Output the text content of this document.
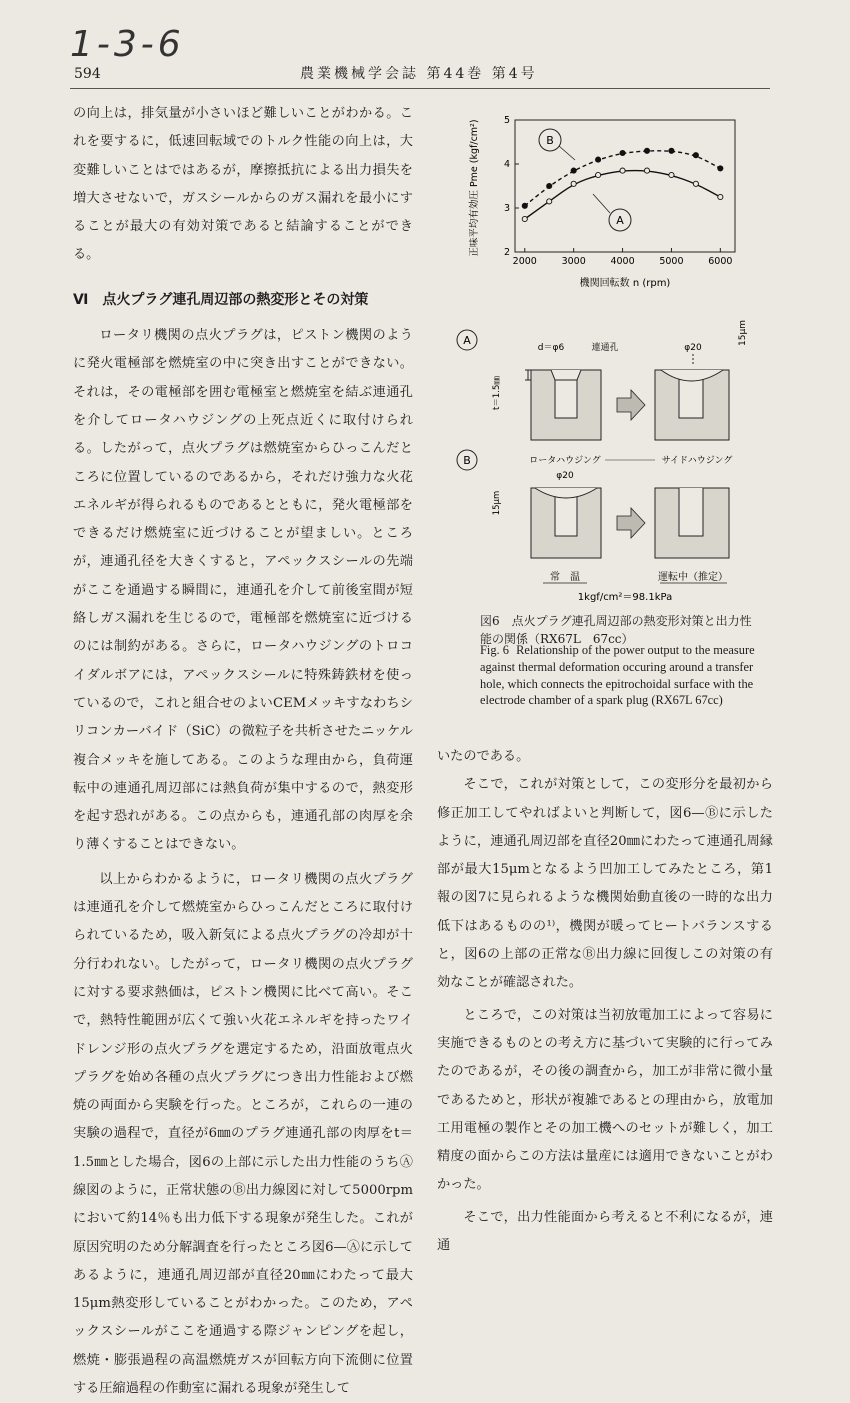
1-3-6
594	農業機械学会誌 第44巻 第4号

の向上は，排気量が小さいほど難しいことがわかる。これを要するに，低速回転域でのトルク性能の向上は，大変難しいことはではあるが，摩擦抵抗による出力損失を増大させないで，ガスシールからのガス漏れを最小にすることが最大の有効対策であると結論することができる。

Ⅵ　点火プラグ連孔周辺部の熱変形とその対策

ロータリ機関の点火プラグは，ピストン機関のように発火電極部を燃焼室の中に突き出すことができない。それは，その電極部を囲む電極室と燃焼室を結ぶ連通孔を介してロータハウジングの上死点近くに取付けられる。したがって，点火プラグは燃焼室からひっこんだところに位置しているのであるから，それだけ強力な火花エネルギが得られるものであるとともに，発火電極部をできるだけ燃焼室に近づけることが望ましい。ところが，連通孔径を大きくすると，アペックスシールの先端がここを通過する瞬間に，連通孔を介して前後室間が短絡しガス漏れを生じるので，電極部を燃焼室に近づけるのには制約がある。さらに，ロータハウジングのトロコイダルボアには，アペックスシールに特殊鋳鉄材を使っているので，これと組合せのよいCEMメッキすなわちシリコンカーバイド（SiC）の微粒子を共析させたニッケル複合メッキを施してある。このような理由から，負荷運転中の連通孔周辺部には熱負荷が集中するので，熱変形を起す恐れがある。この点からも，連通孔部の肉厚を余り薄くすることはできない。

以上からわかるように，ロータリ機関の点火プラグは連通孔を介して燃焼室からひっこんだところに取付けられているため，吸入新気による点火プラグの冷却が十分行われない。したがって，ロータリ機関の点火プラグに対する要求熱価は，ピストン機関に比べて高い。そこで，熱特性範囲が広くて強い火花エネルギを持ったワイドレンジ形の点火プラグを選定するため，沿面放電点火プラグを始め各種の点火プラグにつき出力性能および燃焼の両面から実験を行った。ところが，これらの一連の実験の過程で，直径が6㎜のプラグ連通孔部の肉厚をt＝1.5㎜とした場合，図6の上部に示した出力性能のうちⒶ線図のように，正常状態のⒷ出力線図に対して5000rpmにおいて約14％も出力低下する現象が発生した。これが原因究明のため分解調査を行ったところ図6—Ⓐに示してあるように，連通孔周辺部が直径20㎜にわたって最大15μm熱変形していることがわかった。このため，アペックスシールがここを通過する際ジャンピングを起し，燃焼・膨張過程の高温燃焼ガスが回転方向下流側に位置する圧縮過程の作動室に漏れる現象が発生して

正味平均有効圧 Pme (kgf/cm²)
機関回転数 n (rpm)
2000	3000	4000	5000	6000
2
3
4
5
B
A
A
d＝φ6	連通孔	φ20
15μm
t＝1.5㎜
ロータハウジング	サイドハウジング
B
φ20
15μm
常　温	運転中（推定）
1kgf/cm²＝98.1kPa
図6　点火プラグ連孔周辺部の熱変形対策と出力性能の関係（RX67L　67cc）
Fig. 6 Relationship of the power output to the measure against thermal deformation occuring around a transfer hole, which connects the epitrochoidal surface with the electrode chamber of a spark plug (RX67L 67cc)

いたのである。

そこで，これが対策として，この変形分を最初から修正加工してやればよいと判断して，図6—Ⓑに示したように，連通孔周辺部を直径20㎜にわたって連通孔周縁部が最大15μmとなるよう凹加工してみたところ，第1報の図7に見られるような機関始動直後の一時的な出力低下はあるものの¹⁾，機関が暖ってヒートバランスすると，図6の上部の正常なⒷ出力線に回復しこの対策の有効なことが確認された。

ところで，この対策は当初放電加工によって容易に実施できるものとの考え方に基づいて実験的に行ってみたのであるが，その後の調査から，加工が非常に微小量であるためと，形状が複雑であるとの理由から，放電加工用電極の製作とその加工機へのセットが難しく，加工精度の面からこの方法は量産には適用できないことがわかった。

そこで，出力性能面から考えると不利になるが，連通
